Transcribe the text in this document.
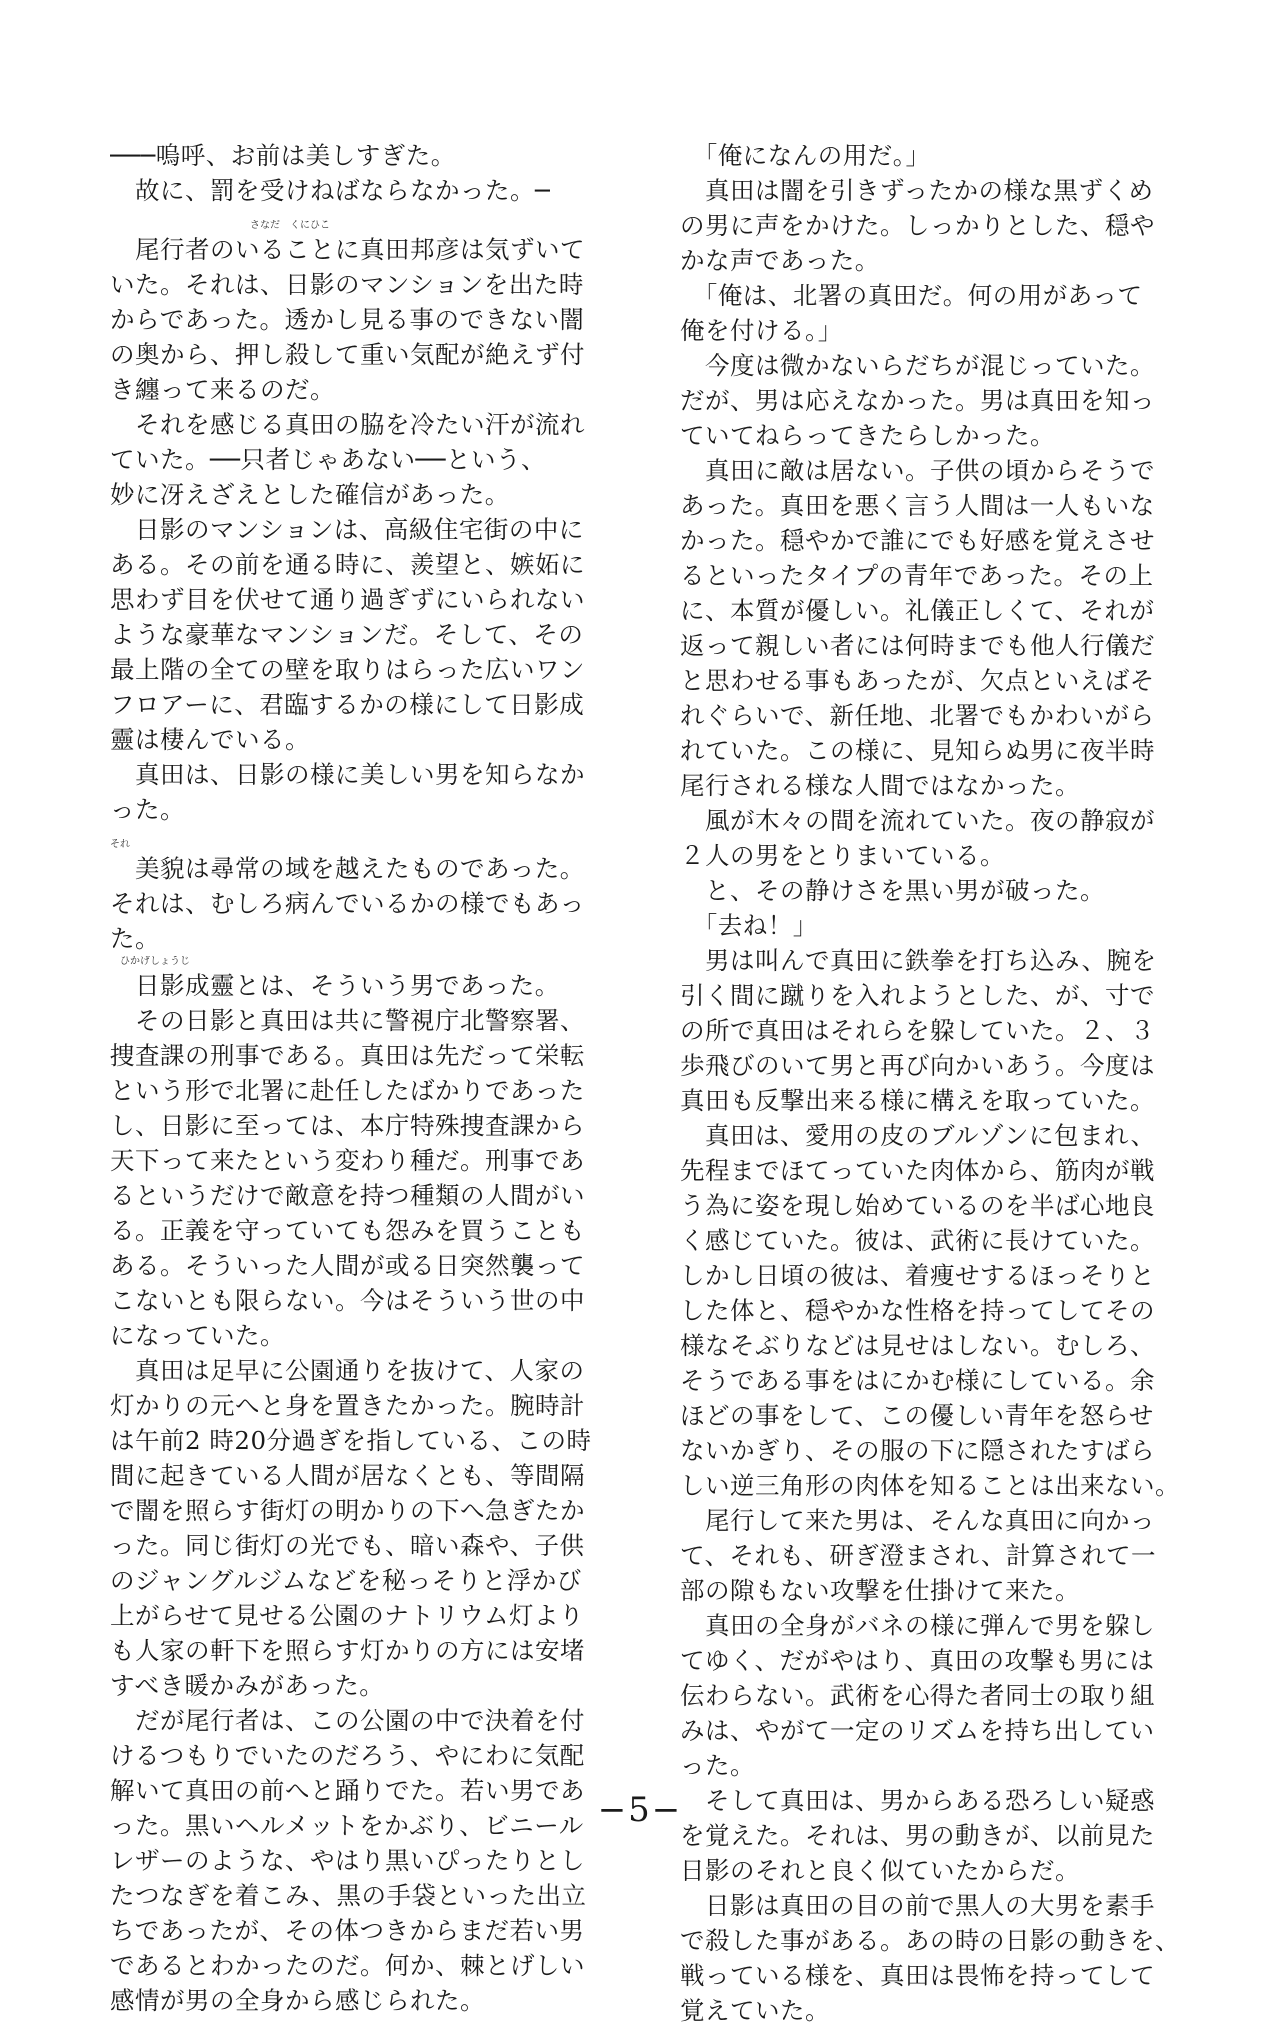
───嗚呼、お前は美しすぎた。
　故に、罰を受けねばならなかった。─
　　　　　　　　　　　　　　さなだ　くにひこ
　尾行者のいることに真田邦彦は気ずいて
いた。それは、日影のマンションを出た時
からであった。透かし見る事のできない闇
の奥から、押し殺して重い気配が絶えず付
き纏って来るのだ。
　それを感じる真田の脇を冷たい汗が流れ
ていた。──只者じゃあない──という、
妙に冴えざえとした確信があった。
　日影のマンションは、高級住宅街の中に
ある。その前を通る時に、羨望と、嫉妬に
思わず目を伏せて通り過ぎずにいられない
ような豪華なマンションだ。そして、その
最上階の全ての壁を取りはらった広いワン
フロアーに、君臨するかの様にして日影成
靈は棲んでいる。
　真田は、日影の様に美しい男を知らなか
った。
それ
　美貌は尋常の域を越えたものであった。
それは、むしろ病んでいるかの様でもあっ
た。
　ひかげしょうじ
　日影成靈とは、そういう男であった。
　その日影と真田は共に警視庁北警察署、
捜査課の刑事である。真田は先だって栄転
という形で北署に赴任したばかりであった
し、日影に至っては、本庁特殊捜査課から
天下って来たという変わり種だ。刑事であ
るというだけで敵意を持つ種類の人間がい
る。正義を守っていても怨みを買うことも
ある。そういった人間が或る日突然襲って
こないとも限らない。今はそういう世の中
になっていた。
　真田は足早に公園通りを抜けて、人家の
灯かりの元へと身を置きたかった。腕時計
は午前2 時20分過ぎを指している、この時
間に起きている人間が居なくとも、等間隔
で闇を照らす街灯の明かりの下へ急ぎたか
った。同じ街灯の光でも、暗い森や、子供
のジャングルジムなどを秘っそりと浮かび
上がらせて見せる公園のナトリウム灯より
も人家の軒下を照らす灯かりの方には安堵
すべき暖かみがあった。
　だが尾行者は、この公園の中で決着を付
けるつもりでいたのだろう、やにわに気配
解いて真田の前へと踊りでた。若い男であ
った。黒いヘルメットをかぶり、ビニール
レザーのような、やはり黒いぴったりとし
たつなぎを着こみ、黒の手袋といった出立
ちであったが、その体つきからまだ若い男
であるとわかったのだ。何か、棘とげしい
感情が男の全身から感じられた。
　「俺になんの用だ。」
　真田は闇を引きずったかの様な黒ずくめ
の男に声をかけた。しっかりとした、穏や
かな声であった。
　「俺は、北署の真田だ。何の用があって
俺を付ける。」
　今度は微かないらだちが混じっていた。
だが、男は応えなかった。男は真田を知っ
ていてねらってきたらしかった。
　真田に敵は居ない。子供の頃からそうで
あった。真田を悪く言う人間は一人もいな
かった。穏やかで誰にでも好感を覚えさせ
るといったタイプの青年であった。その上
に、本質が優しい。礼儀正しくて、それが
返って親しい者には何時までも他人行儀だ
と思わせる事もあったが、欠点といえばそ
れぐらいで、新任地、北署でもかわいがら
れていた。この様に、見知らぬ男に夜半時
尾行される様な人間ではなかった。
　風が木々の間を流れていた。夜の静寂が
２人の男をとりまいている。
　と、その静けさを黒い男が破った。
　「去ね！」
　男は叫んで真田に鉄拳を打ち込み、腕を
引く間に蹴りを入れようとした、が、寸で
の所で真田はそれらを躱していた。２、３
歩飛びのいて男と再び向かいあう。今度は
真田も反撃出来る様に構えを取っていた。
　真田は、愛用の皮のブルゾンに包まれ、
先程までほてっていた肉体から、筋肉が戦
う為に姿を現し始めているのを半ば心地良
く感じていた。彼は、武術に長けていた。
しかし日頃の彼は、着痩せするほっそりと
した体と、穏やかな性格を持ってしてその
様なそぶりなどは見せはしない。むしろ、
そうである事をはにかむ様にしている。余
ほどの事をして、この優しい青年を怒らせ
ないかぎり、その服の下に隠されたすばら
しい逆三角形の肉体を知ることは出来ない。
　尾行して来た男は、そんな真田に向かっ
て、それも、研ぎ澄まされ、計算されて一
部の隙もない攻撃を仕掛けて来た。
　真田の全身がバネの様に弾んで男を躱し
てゆく、だがやはり、真田の攻撃も男には
伝わらない。武術を心得た者同士の取り組
みは、やがて一定のリズムを持ち出してい
った。
　そして真田は、男からある恐ろしい疑惑
を覚えた。それは、男の動きが、以前見た
日影のそれと良く似ていたからだ。
　日影は真田の目の前で黒人の大男を素手
で殺した事がある。あの時の日影の動きを、
戦っている様を、真田は畏怖を持ってして
覚えていた。
−5−
